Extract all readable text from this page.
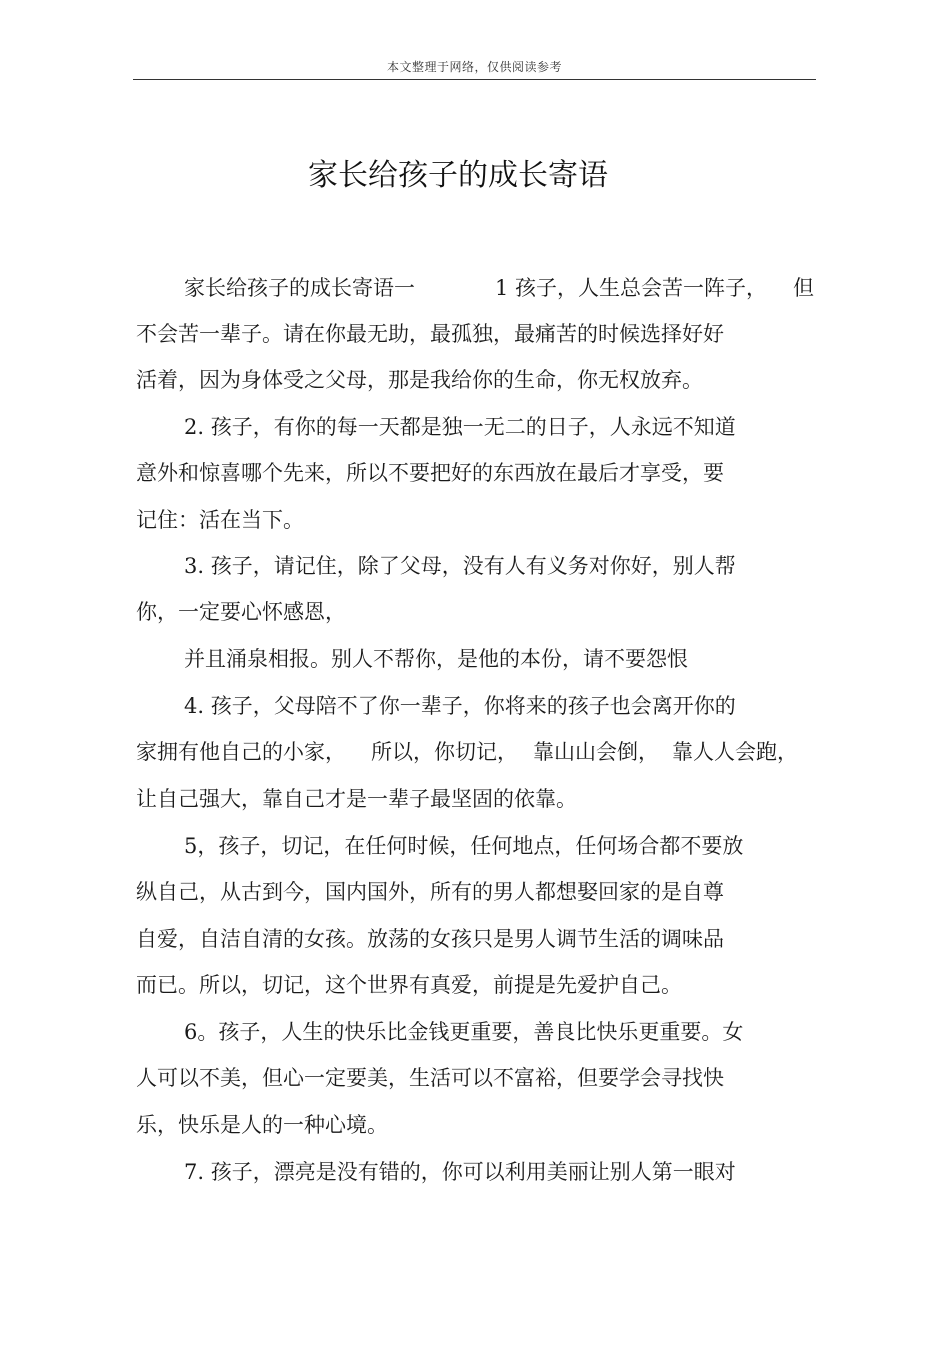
本文整理于网络，仅供阅读参考
家长给孩子的成长寄语
家长给孩子的成长寄语一	1 孩子，人生总会苦一阵子， 但
不会苦一辈子。请在你最无助，最孤独，最痛苦的时候选择好好
活着，因为身体受之父母，那是我给你的生命，你无权放弃。
2. 孩子，有你的每一天都是独一无二的日子，人永远不知道
意外和惊喜哪个先来，所以不要把好的东西放在最后才享受，要
记住：活在当下。
3. 孩子，请记住，除了父母，没有人有义务对你好，别人帮
你，一定要心怀感恩，
并且涌泉相报。别人不帮你，是他的本份，请不要怨恨
4. 孩子，父母陪不了你一辈子，你将来的孩子也会离开你的
家拥有他自己的小家， 所以，你切记， 靠山山会倒， 靠人人会跑，
让自己强大，靠自己才是一辈子最坚固的依靠。
5，孩子，切记，在任何时候，任何地点，任何场合都不要放
纵自己，从古到今，国内国外，所有的男人都想娶回家的是自尊
自爱，自洁自清的女孩。放荡的女孩只是男人调节生活的调味品
而已。所以，切记，这个世界有真爱，前提是先爱护自己。
6。孩子，人生的快乐比金钱更重要，善良比快乐更重要。女
人可以不美，但心一定要美，生活可以不富裕，但要学会寻找快
乐，快乐是人的一种心境。
7. 孩子，漂亮是没有错的，你可以利用美丽让别人第一眼对
